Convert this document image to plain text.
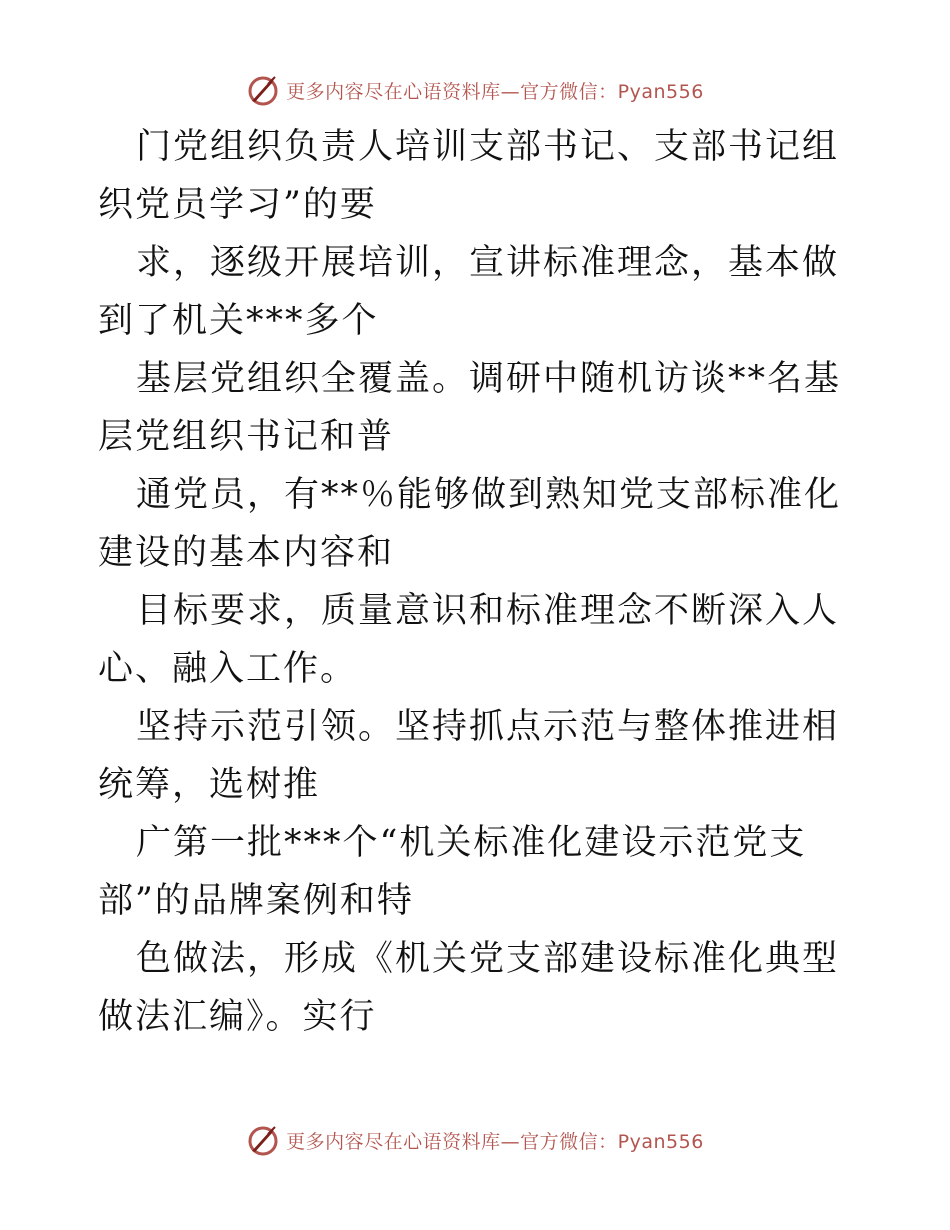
更多内容尽在心语资料库—官方微信：Pyan556

门党组织负责人培训支部书记、支部书记组织党员学习”的要

求，逐级开展培训，宣讲标准理念，基本做到了机关***多个

基层党组织全覆盖。调研中随机访谈**名基层党组织书记和普

通党员，有**％能够做到熟知党支部标准化建设的基本内容和

目标要求，质量意识和标准理念不断深入人心、融入工作。

坚持示范引领。坚持抓点示范与整体推进相统筹，选树推

广第一批***个“机关标准化建设示范党支部”的品牌案例和特

色做法，形成《机关党支部建设标准化典型做法汇编》。实行

更多内容尽在心语资料库—官方微信：Pyan556
